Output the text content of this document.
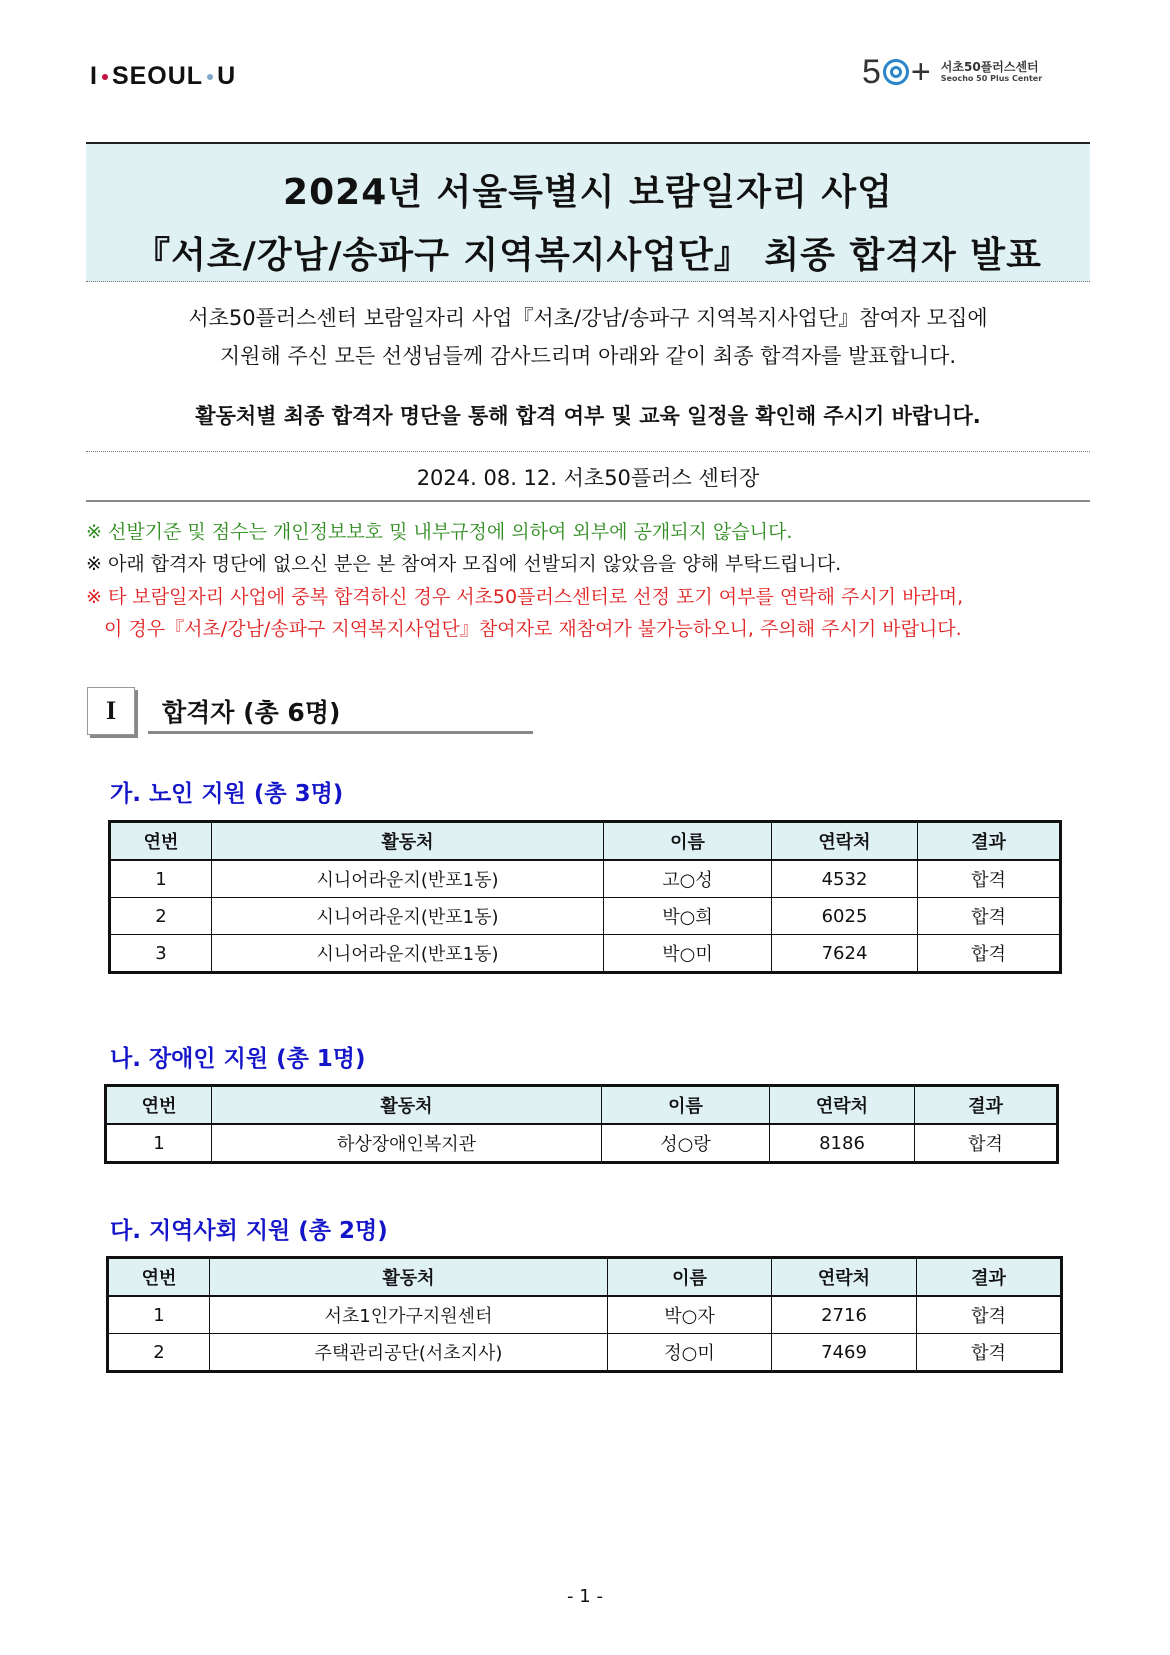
I SEOUL U	5 + 서초50플러스센터
Seocho 50 Plus Center
2024년 서울특별시 보람일자리 사업
『서초/강남/송파구 지역복지사업단』 최종 합격자 발표
서초50플러스센터 보람일자리 사업『서초/강남/송파구 지역복지사업단』참여자 모집에
지원해 주신 모든 선생님들께 감사드리며 아래와 같이 최종 합격자를 발표합니다.
활동처별 최종 합격자 명단을 통해 합격 여부 및 교육 일정을 확인해 주시기 바랍니다.
2024. 08. 12. 서초50플러스 센터장
※ 선발기준 및 점수는 개인정보보호 및 내부규정에 의하여 외부에 공개되지 않습니다.
※ 아래 합격자 명단에 없으신 분은 본 참여자 모집에 선발되지 않았음을 양해 부탁드립니다.
※ 타 보람일자리 사업에 중복 합격하신 경우 서초50플러스센터로 선정 포기 여부를 연락해 주시기 바라며,
이 경우『서초/강남/송파구 지역복지사업단』참여자로 재참여가 불가능하오니, 주의해 주시기 바랍니다.
I	합격자 (총 6명)
가. 노인 지원 (총 3명)
연번	활동처	이름	연락처	결과
1	시니어라운지(반포1동)	고○성	4532	합격
2	시니어라운지(반포1동)	박○희	6025	합격
3	시니어라운지(반포1동)	박○미	7624	합격
나. 장애인 지원 (총 1명)
연번	활동처	이름	연락처	결과
1	하상장애인복지관	성○랑	8186	합격
다. 지역사회 지원 (총 2명)
연번	활동처	이름	연락처	결과
1	서초1인가구지원센터	박○자	2716	합격
2	주택관리공단(서초지사)	정○미	7469	합격
- 1 -
